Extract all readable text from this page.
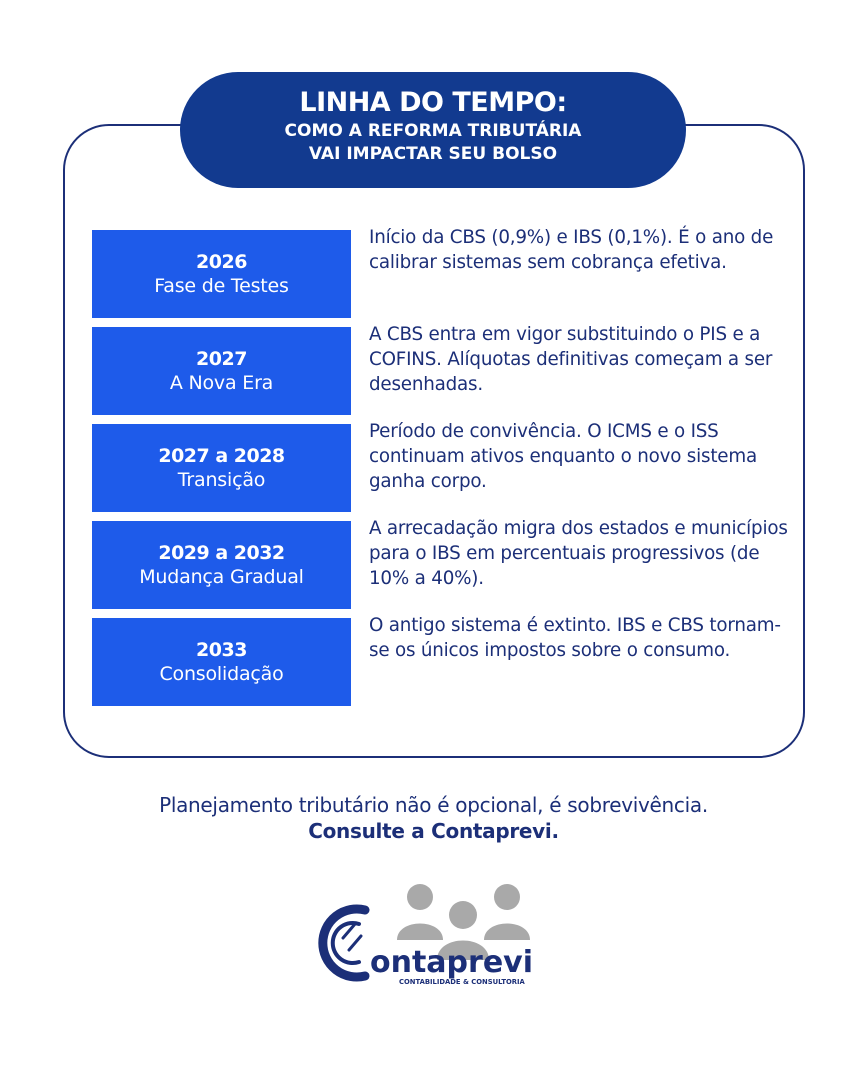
LINHA DO TEMPO:
COMO A REFORMA TRIBUTÁRIA
VAI IMPACTAR SEU BOLSO
2026
Fase de Testes
Início da CBS (0,9%) e IBS (0,1%). É o ano de calibrar sistemas sem cobrança efetiva.
2027
A Nova Era
A CBS entra em vigor substituindo o PIS e a COFINS. Alíquotas definitivas começam a ser desenhadas.
2027 a 2028
Transição
Período de convivência. O ICMS e o ISS continuam ativos enquanto o novo sistema ganha corpo.
2029 a 2032
Mudança Gradual
A arrecadação migra dos estados e municípios para o IBS em percentuais progressivos (de 10% a 40%).
2033
Consolidação
O antigo sistema é extinto. IBS e CBS tornam-se os únicos impostos sobre o consumo.
Planejamento tributário não é opcional, é sobrevivência.
Consulte a Contaprevi.
ontaprevi
CONTABILIDADE & CONSULTORIA
